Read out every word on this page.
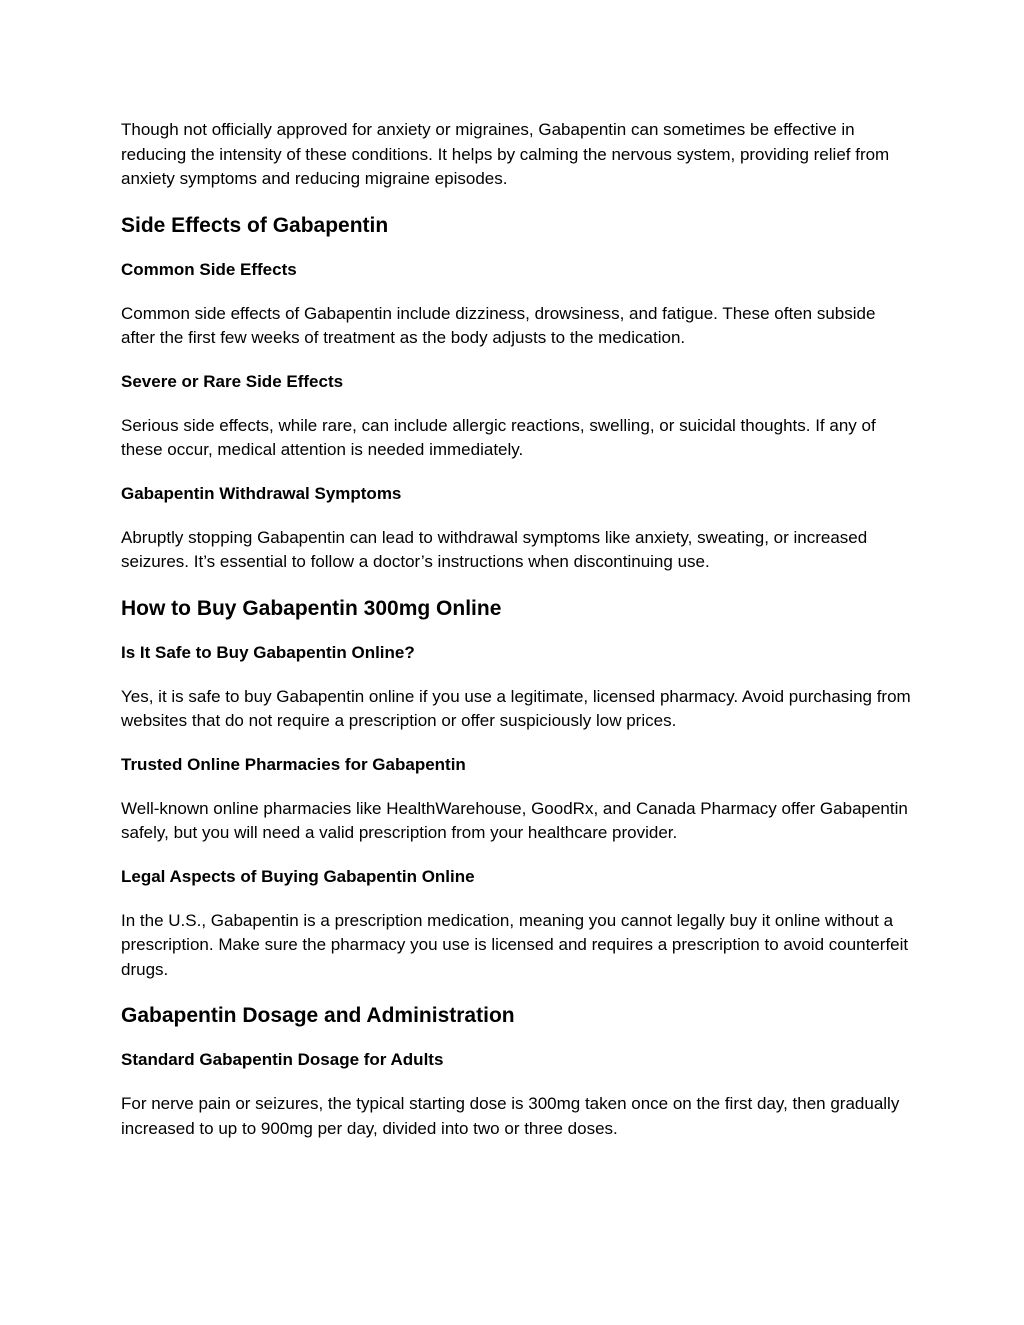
Though not officially approved for anxiety or migraines, Gabapentin can sometimes be effective in reducing the intensity of these conditions. It helps by calming the nervous system, providing relief from anxiety symptoms and reducing migraine episodes.

Side Effects of Gabapentin
Common Side Effects

Common side effects of Gabapentin include dizziness, drowsiness, and fatigue. These often subside after the first few weeks of treatment as the body adjusts to the medication.

Severe or Rare Side Effects

Serious side effects, while rare, can include allergic reactions, swelling, or suicidal thoughts. If any of these occur, medical attention is needed immediately.

Gabapentin Withdrawal Symptoms

Abruptly stopping Gabapentin can lead to withdrawal symptoms like anxiety, sweating, or increased seizures. It’s essential to follow a doctor’s instructions when discontinuing use.

How to Buy Gabapentin 300mg Online
Is It Safe to Buy Gabapentin Online?

Yes, it is safe to buy Gabapentin online if you use a legitimate, licensed pharmacy. Avoid purchasing from websites that do not require a prescription or offer suspiciously low prices.

Trusted Online Pharmacies for Gabapentin

Well-known online pharmacies like HealthWarehouse, GoodRx, and Canada Pharmacy offer Gabapentin safely, but you will need a valid prescription from your healthcare provider.

Legal Aspects of Buying Gabapentin Online

In the U.S., Gabapentin is a prescription medication, meaning you cannot legally buy it online without a prescription. Make sure the pharmacy you use is licensed and requires a prescription to avoid counterfeit drugs.

Gabapentin Dosage and Administration
Standard Gabapentin Dosage for Adults

For nerve pain or seizures, the typical starting dose is 300mg taken once on the first day, then gradually increased to up to 900mg per day, divided into two or three doses.
